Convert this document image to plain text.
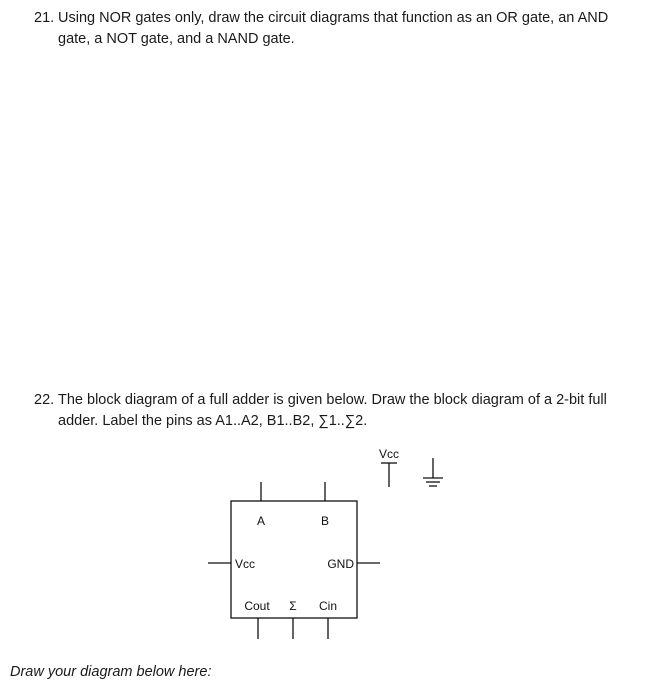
21. Using NOR gates only, draw the circuit diagrams that function as an OR gate, an AND
gate, a NOT gate, and a NAND gate.
22. The block diagram of a full adder is given below. Draw the block diagram of a 2-bit full
adder. Label the pins as A1..A2, B1..B2, ∑1..∑2.
A	B
Vcc	GND
Cout Σ Cin
Vcc
Draw your diagram below here:
